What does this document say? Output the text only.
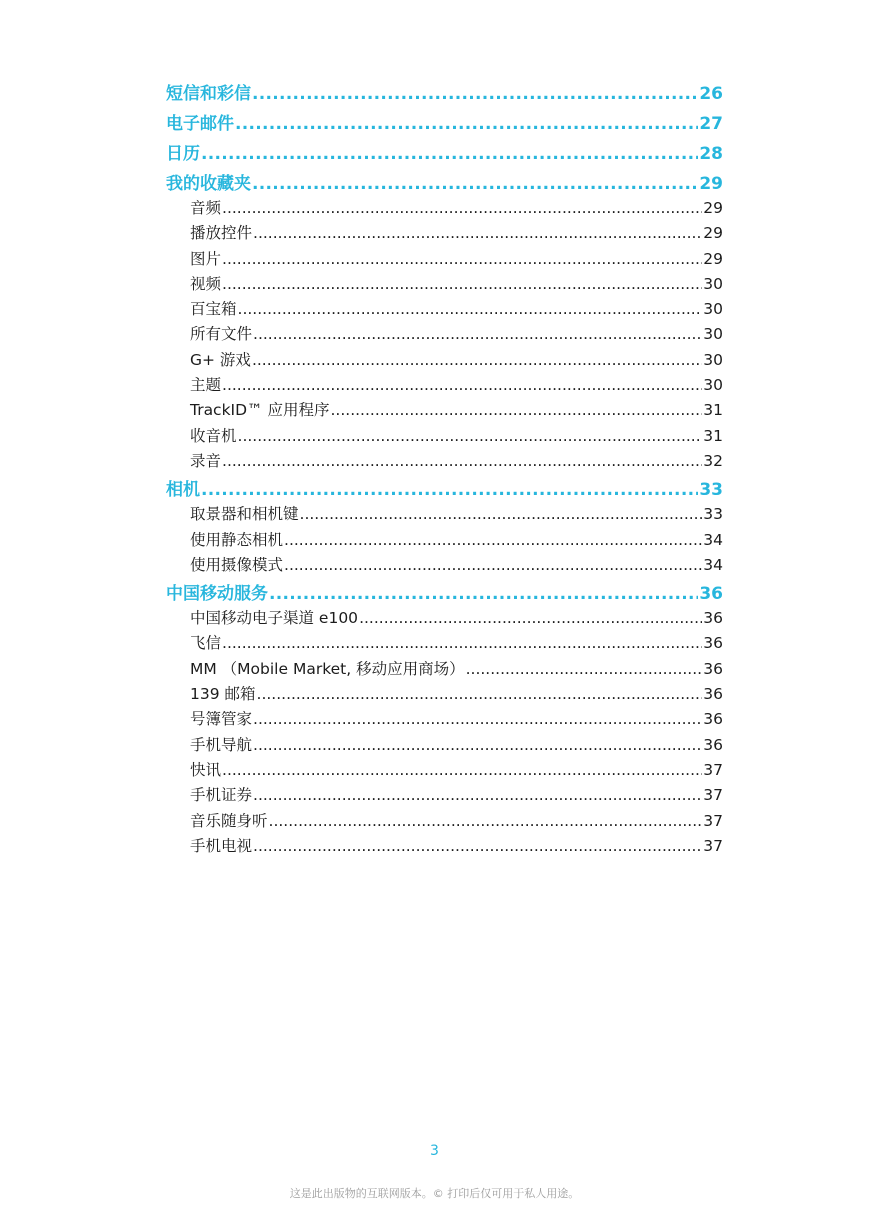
短信和彩信 .....	26
电子邮件 .....	27
日历 .....	28
我的收藏夹 .....	29
音频 .....	29
播放控件 .....	29
图片 .....	29
视频 .....	30
百宝箱 .....	30
所有文件 .....	30
G+ 游戏 .....	30
主题 .....	30
TrackID™ 应用程序 .....	31
收音机 .....	31
录音 .....	32
相机 .....	33
取景器和相机键 .....	33
使用静态相机 .....	34
使用摄像模式 .....	34
中国移动服务 .....	36
中国移动电子渠道 e100 .....	36
飞信 .....	36
MM （Mobile Market, 移动应用商场） .....	36
139 邮箱 .....	36
号簿管家 .....	36
手机导航 .....	36
快讯 .....	37
手机证券 .....	37
音乐随身听 .....	37
手机电视 .....	37
3
这是此出版物的互联网版本。© 打印后仅可用于私人用途。
